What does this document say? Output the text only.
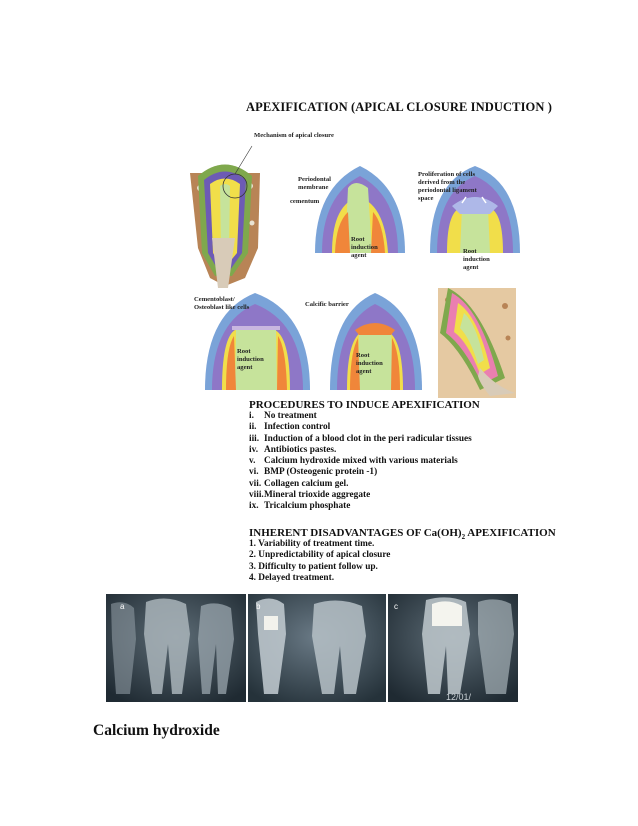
APEXIFICATION (APICAL CLOSURE INDUCTION )
Mechanism of apical closure
Periodontal membrane
cementum
Root induction agent
Proliferation of cells derived from the periodontal ligament space
Root induction agent
Cementoblast/ Osteoblast like cells	Calcific barrier
Root induction agent
Root induction agent
PROCEDURES TO INDUCE APEXIFICATION
i. No treatment
ii. Infection control
iii. Induction of a blood clot in the peri radicular tissues
iv. Antibiotics pastes.
v. Calcium hydroxide mixed with various materials
vi. BMP (Osteogenic protein -1)
vii. Collagen calcium gel.
viii.Mineral trioxide aggregate
ix. Tricalcium phosphate
INHERENT DISADVANTAGES OF $Ca(OH)_2$ APEXIFICATION
1. Variability of treatment time.
2. Unpredictability of apical closure
3. Difficulty to patient follow up.
4. Delayed treatment.
a	b	c
12/01/
Calcium hydroxide
